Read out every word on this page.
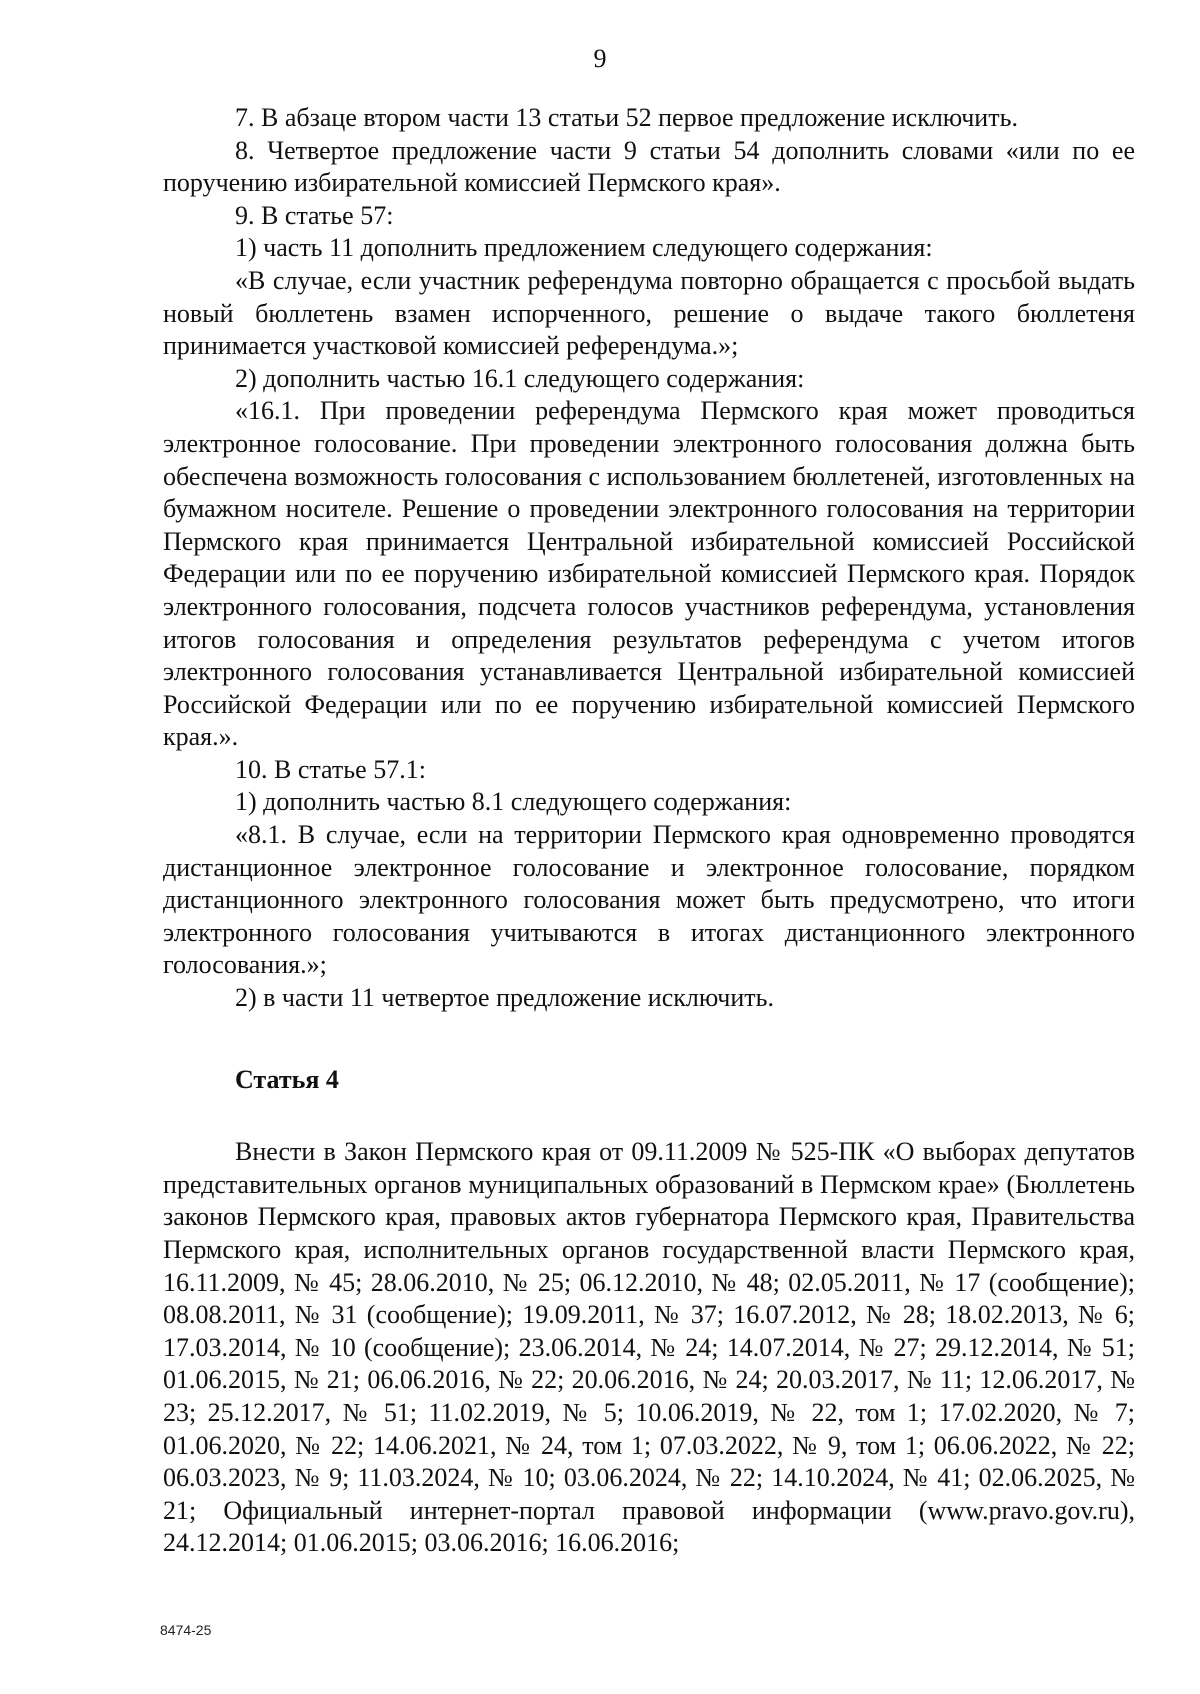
9

7. В абзаце втором части 13 статьи 52 первое предложение исключить.

8. Четвертое предложение части 9 статьи 54 дополнить словами «или по ее поручению избирательной комиссией Пермского края».

9. В статье 57:

1) часть 11 дополнить предложением следующего содержания:

«В случае, если участник референдума повторно обращается с просьбой выдать новый бюллетень взамен испорченного, решение о выдаче такого бюллетеня принимается участковой комиссией референдума.»;

2) дополнить частью 16.1 следующего содержания:

«16.1. При проведении референдума Пермского края может проводиться электронное голосование. При проведении электронного голосования должна быть обеспечена возможность голосования с использованием бюллетеней, изготовленных на бумажном носителе. Решение о проведении электронного голосования на территории Пермского края принимается Центральной избирательной комиссией Российской Федерации или по ее поручению избирательной комиссией Пермского края. Порядок электронного голосования, подсчета голосов участников референдума, установления итогов голосования и определения результатов референдума с учетом итогов электронного голосования устанавливается Центральной избирательной комиссией Российской Федерации или по ее поручению избирательной комиссией Пермского края.».

10. В статье 57.1:

1) дополнить частью 8.1 следующего содержания:

«8.1. В случае, если на территории Пермского края одновременно проводятся дистанционное электронное голосование и электронное голосование, порядком дистанционного электронного голосования может быть предусмотрено, что итоги электронного голосования учитываются в итогах дистанционного электронного голосования.»;

2) в части 11 четвертое предложение исключить.

Статья 4

Внести в Закон Пермского края от 09.11.2009 № 525-ПК «О выборах депутатов представительных органов муниципальных образований в Пермском крае» (Бюллетень законов Пермского края, правовых актов губернатора Пермского края, Правительства Пермского края, исполнительных органов государственной власти Пермского края, 16.11.2009, № 45; 28.06.2010, № 25; 06.12.2010, № 48; 02.05.2011, № 17 (сообщение); 08.08.2011, № 31 (сообщение); 19.09.2011, № 37; 16.07.2012, № 28; 18.02.2013, № 6; 17.03.2014, № 10 (сообщение); 23.06.2014, № 24; 14.07.2014, № 27; 29.12.2014, № 51; 01.06.2015, № 21; 06.06.2016, № 22; 20.06.2016, № 24; 20.03.2017, № 11; 12.06.2017, № 23; 25.12.2017, № 51; 11.02.2019, № 5; 10.06.2019, № 22, том 1; 17.02.2020, № 7; 01.06.2020, № 22; 14.06.2021, № 24, том 1; 07.03.2022, № 9, том 1; 06.06.2022, № 22; 06.03.2023, № 9; 11.03.2024, № 10; 03.06.2024, № 22; 14.10.2024, № 41; 02.06.2025, № 21; Официальный интернет-портал правовой информации (www.pravo.gov.ru), 24.12.2014; 01.06.2015; 03.06.2016; 16.06.2016;

8474-25
